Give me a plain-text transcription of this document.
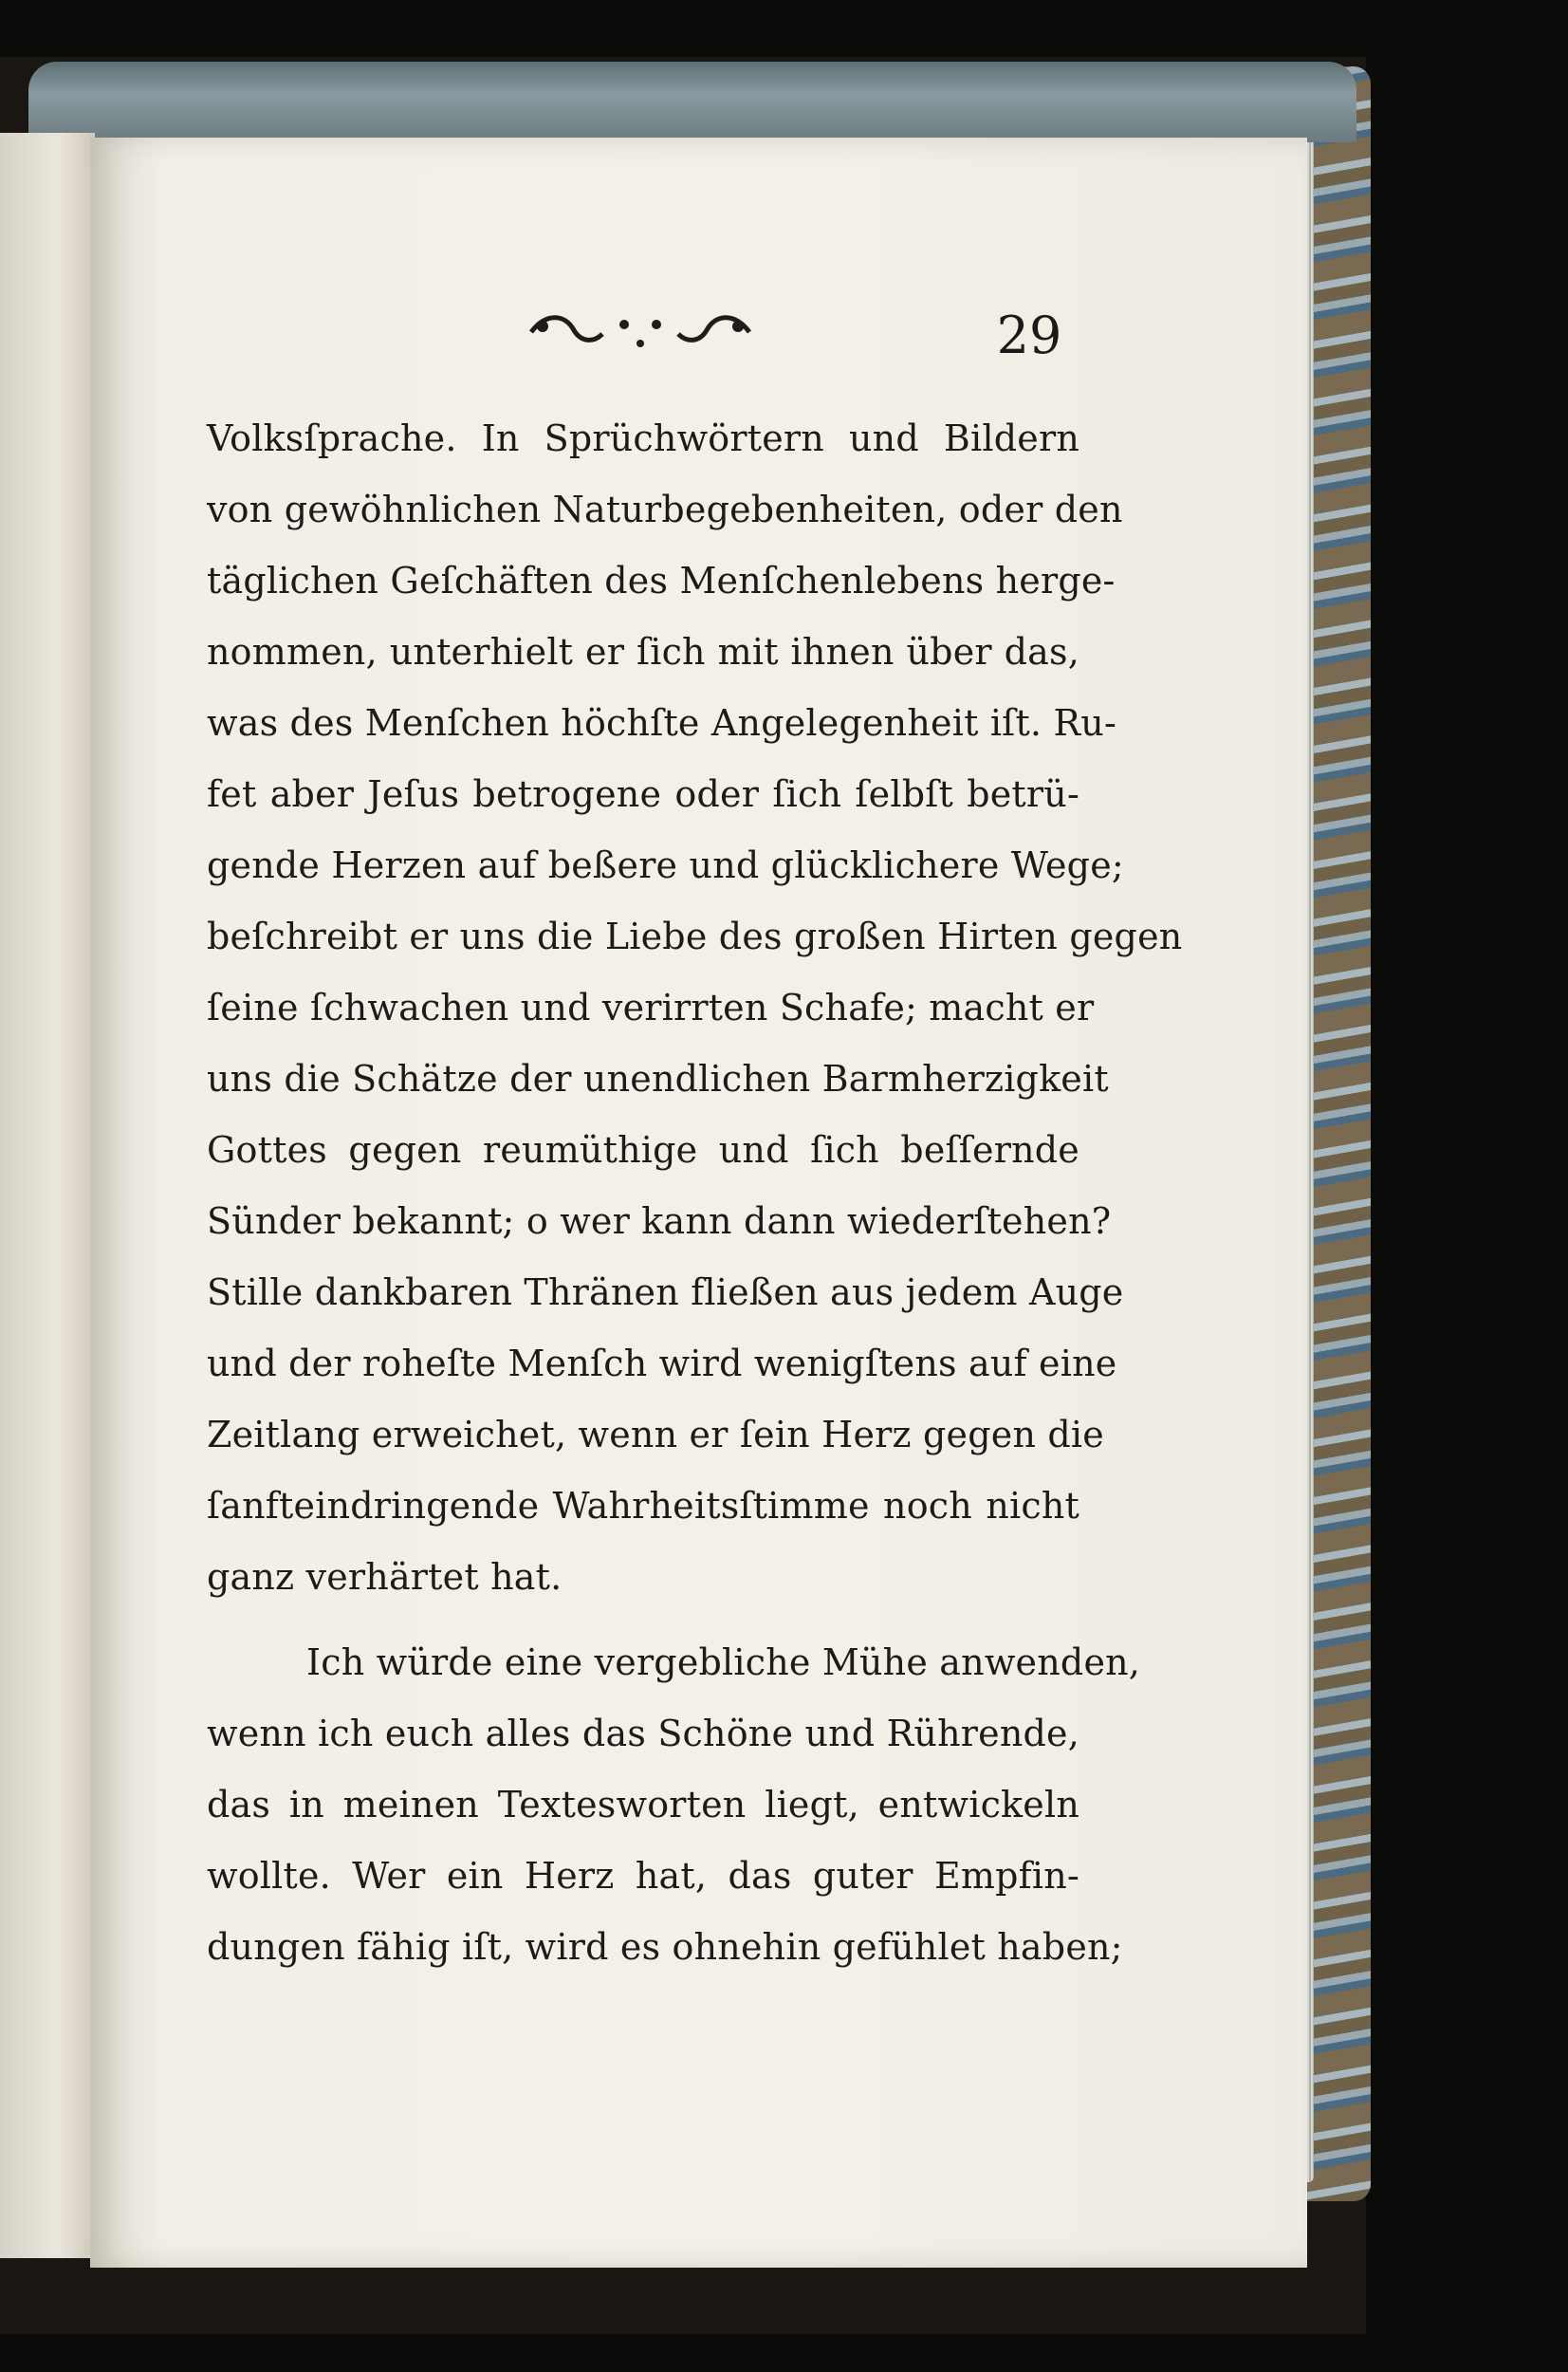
29
Volksſprache. In Sprüchwörtern und Bildern
von gewöhnlichen Naturbegebenheiten, oder den
täglichen Geſchäften des Menſchenlebens herge-
nommen, unterhielt er ſich mit ihnen über das,
was des Menſchen höchſte Angelegenheit iſt. Ru-
fet aber Jeſus betrogene oder ſich ſelbſt betrü-
gende Herzen auf beßere und glücklichere Wege;
beſchreibt er uns die Liebe des großen Hirten gegen
ſeine ſchwachen und verirrten Schafe; macht er
uns die Schätze der unendlichen Barmherzigkeit
Gottes gegen reumüthige und ſich beſſernde
Sünder bekannt; o wer kann dann wiederſtehen?
Stille dankbaren Thränen fließen aus jedem Auge
und der roheſte Menſch wird wenigſtens auf eine
Zeitlang erweichet, wenn er ſein Herz gegen die
ſanfteindringende Wahrheitsſtimme noch nicht
ganz verhärtet hat.
Ich würde eine vergebliche Mühe anwenden,
wenn ich euch alles das Schöne und Rührende,
das in meinen Textesworten liegt, entwickeln
wollte. Wer ein Herz hat, das guter Empfin-
dungen fähig iſt, wird es ohnehin gefühlet haben;
